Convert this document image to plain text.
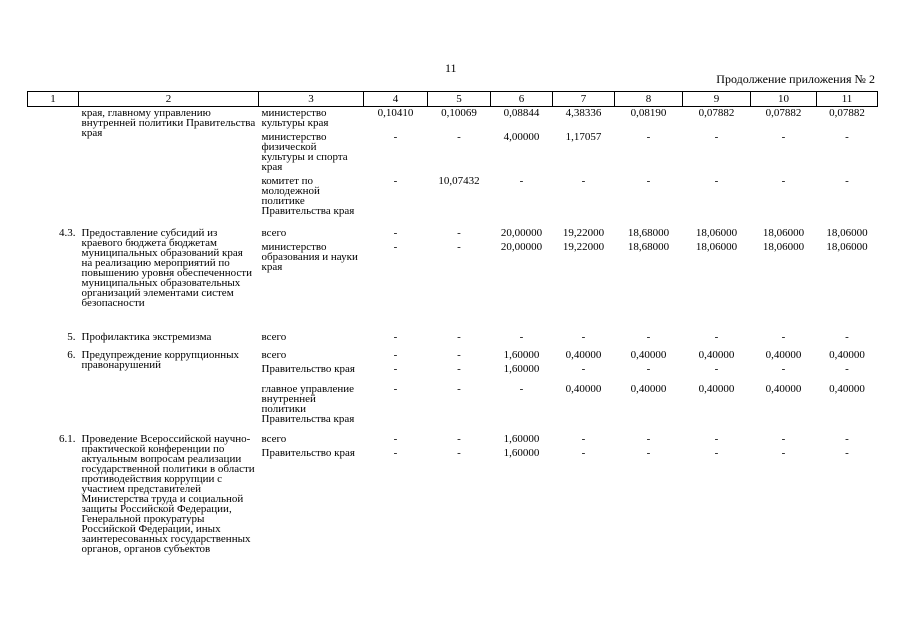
11
Продолжение приложения № 2
1	2	3	4	5	6	7	8	9	10	11
	края, главному управлению внутренней политики Правительства края	министерство культуры края	0,10410	0,10069	0,08844	4,38336	0,08190	0,07882	0,07882	0,07882
		министерство физической культуры и спорта края	-	-	4,00000	1,17057	-	-	-	-
		комитет по молодежной политике Правительства края	-	10,07432	-	-	-	-	-	-
4.3.	Предоставление субсидий из краевого бюджета бюджетам муниципальных образований края на реализацию мероприятий по повышению уровня обеспеченности муниципальных образовательных организаций элементами систем безопасности	всего	-	-	20,00000	19,22000	18,68000	18,06000	18,06000	18,06000
		министерство образования и науки края	-	-	20,00000	19,22000	18,68000	18,06000	18,06000	18,06000
5.	Профилактика экстремизма	всего	-	-	-	-	-	-	-	-
6.	Предупреждение коррупционных правонарушений	всего	-	-	1,60000	0,40000	0,40000	0,40000	0,40000	0,40000
		Правительство края	-	-	1,60000	-	-	-	-	-
		главное управление внутренней политики Правительства края	-	-	-	0,40000	0,40000	0,40000	0,40000	0,40000
6.1.	Проведение Всероссийской научно-практической конференции по актуальным вопросам реализации государственной политики в области противодействия коррупции с участием представителей Министерства труда и социальной защиты Российской Федерации, Генеральной прокуратуры Российской Федерации, иных заинтересованных государственных органов, органов субъектов	всего	-	-	1,60000	-	-	-	-	-
		Правительство края	-	-	1,60000	-	-	-	-	-
